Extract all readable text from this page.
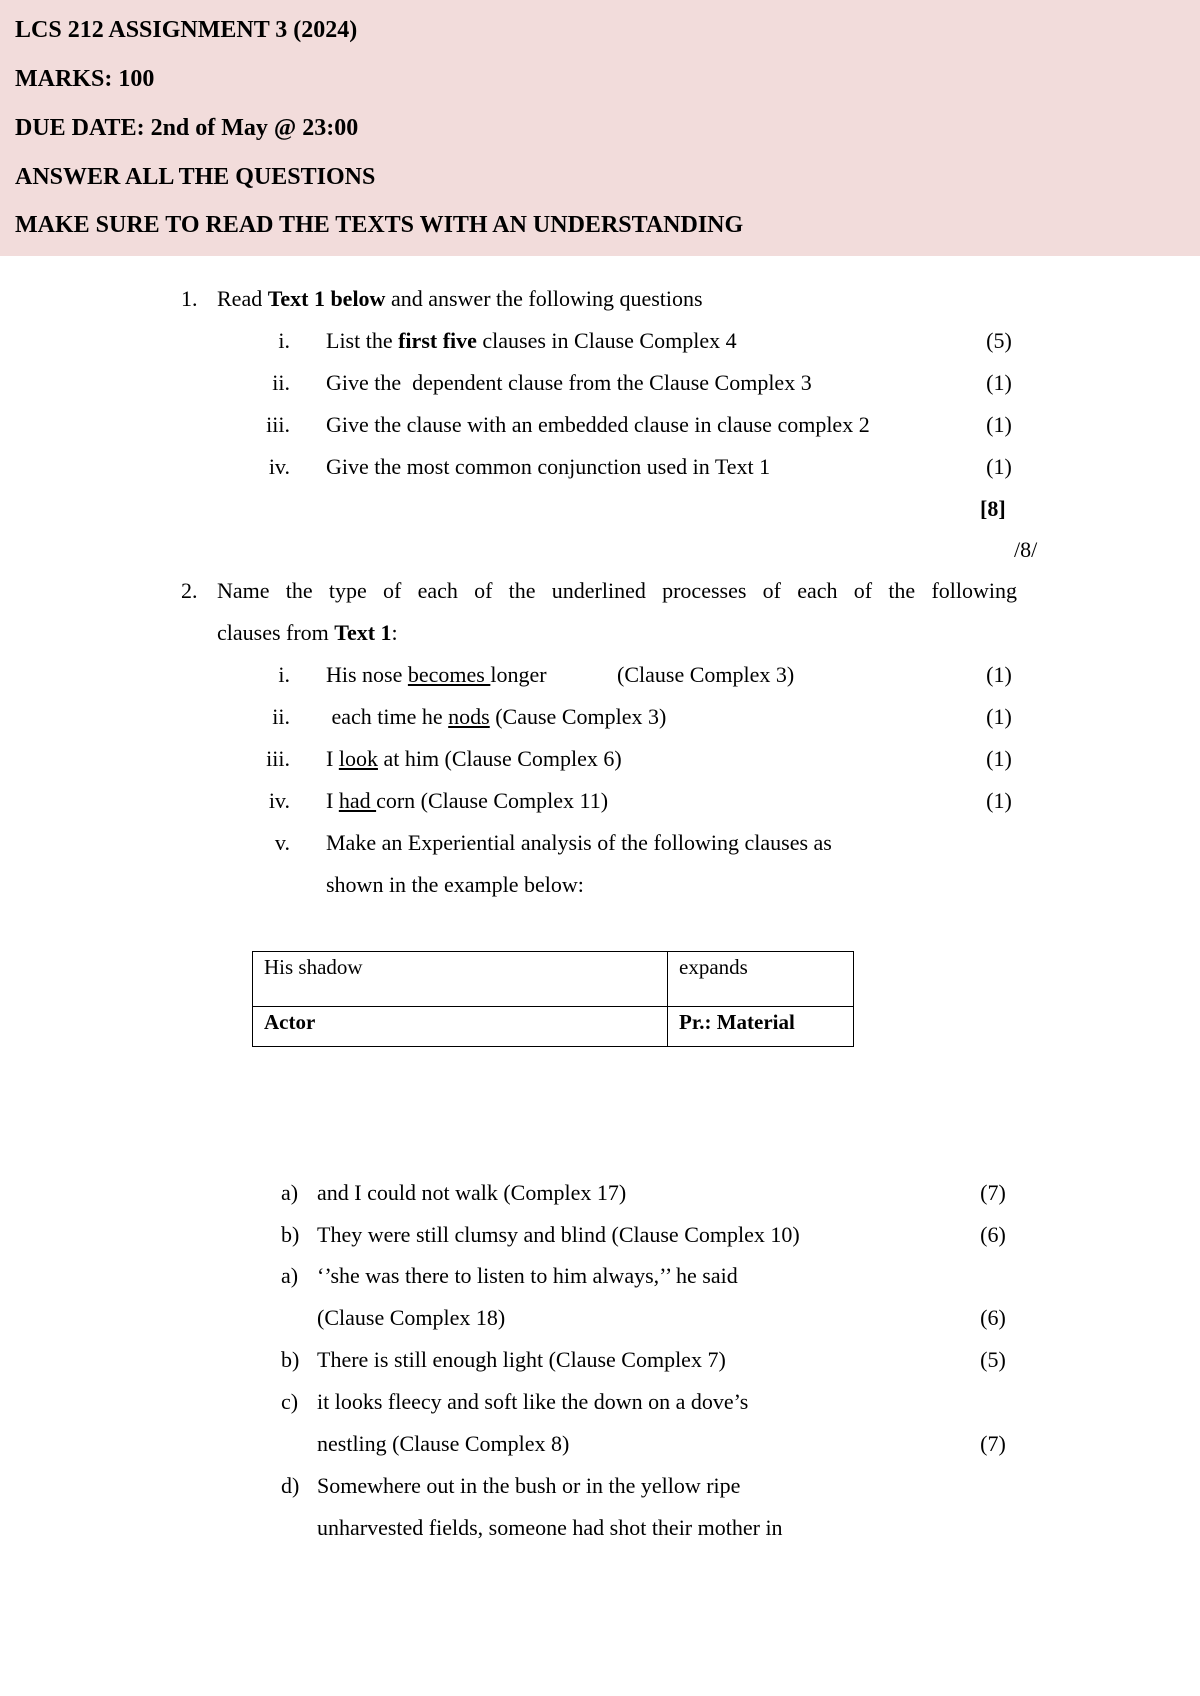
LCS 212 ASSIGNMENT 3 (2024)
MARKS: 100
DUE DATE: 2nd of May @ 23:00
ANSWER ALL THE QUESTIONS
MAKE SURE TO READ THE TEXTS WITH AN UNDERSTANDING
1. Read Text 1 below and answer the following questions
i. List the first five clauses in Clause Complex 4	(5)
ii. Give the  dependent clause from the Clause Complex 3	(1)
iii. Give the clause with an embedded clause in clause complex 2	(1)
iv. Give the most common conjunction used in Text 1	(1)
[8]
/8/
2. Name the type of each of the underlined processes of each of the following
clauses from Text 1:
i. His nose becomes longer	(Clause Complex 3)	(1)
ii. each time he nods (Cause Complex 3)	(1)
iii. I look at him (Clause Complex 6)	(1)
iv. I had corn (Clause Complex 11)	(1)
v. Make an Experiential analysis of the following clauses as
shown in the example below:
His shadow	expands
Actor	Pr.: Material
a) and I could not walk (Complex 17)	(7)
b) They were still clumsy and blind (Clause Complex 10)	(6)
a) ‘’she was there to listen to him always,’’ he said
(Clause Complex 18)	(6)
b) There is still enough light (Clause Complex 7)	(5)
c) it looks fleecy and soft like the down on a dove’s
nestling (Clause Complex 8)	(7)
d) Somewhere out in the bush or in the yellow ripe
unharvested fields, someone had shot their mother in
